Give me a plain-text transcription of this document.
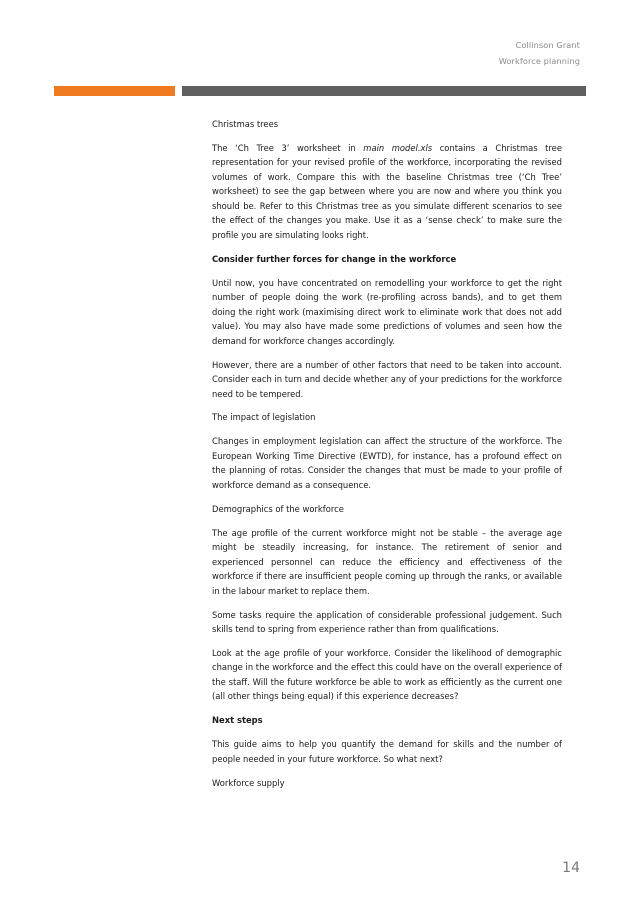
Collinson Grant
Workforce planning

Christmas trees

The ‘Ch Tree 3’ worksheet in main model.xls contains a Christmas tree representation for your revised profile of the workforce, incorporating the revised volumes of work. Compare this with the baseline Christmas tree (‘Ch Tree’ worksheet) to see the gap between where you are now and where you think you should be. Refer to this Christmas tree as you simulate different scenarios to see the effect of the changes you make. Use it as a ‘sense check’ to make sure the profile you are simulating looks right.

Consider further forces for change in the workforce

Until now, you have concentrated on remodelling your workforce to get the right number of people doing the work (re-profiling across bands), and to get them doing the right work (maximising direct work to eliminate work that does not add value). You may also have made some predictions of volumes and seen how the demand for workforce changes accordingly.

However, there are a number of other factors that need to be taken into account. Consider each in turn and decide whether any of your predictions for the workforce need to be tempered.

The impact of legislation

Changes in employment legislation can affect the structure of the workforce. The European Working Time Directive (EWTD), for instance, has a profound effect on the planning of rotas. Consider the changes that must be made to your profile of workforce demand as a consequence.

Demographics of the workforce

The age profile of the current workforce might not be stable – the average age might be steadily increasing, for instance. The retirement of senior and experienced personnel can reduce the efficiency and effectiveness of the workforce if there are insufficient people coming up through the ranks, or available in the labour market to replace them.

Some tasks require the application of considerable professional judgement. Such skills tend to spring from experience rather than from qualifications.

Look at the age profile of your workforce. Consider the likelihood of demographic change in the workforce and the effect this could have on the overall experience of the staff. Will the future workforce be able to work as efficiently as the current one (all other things being equal) if this experience decreases?

Next steps

This guide aims to help you quantify the demand for skills and the number of people needed in your future workforce. So what next?

Workforce supply

14
